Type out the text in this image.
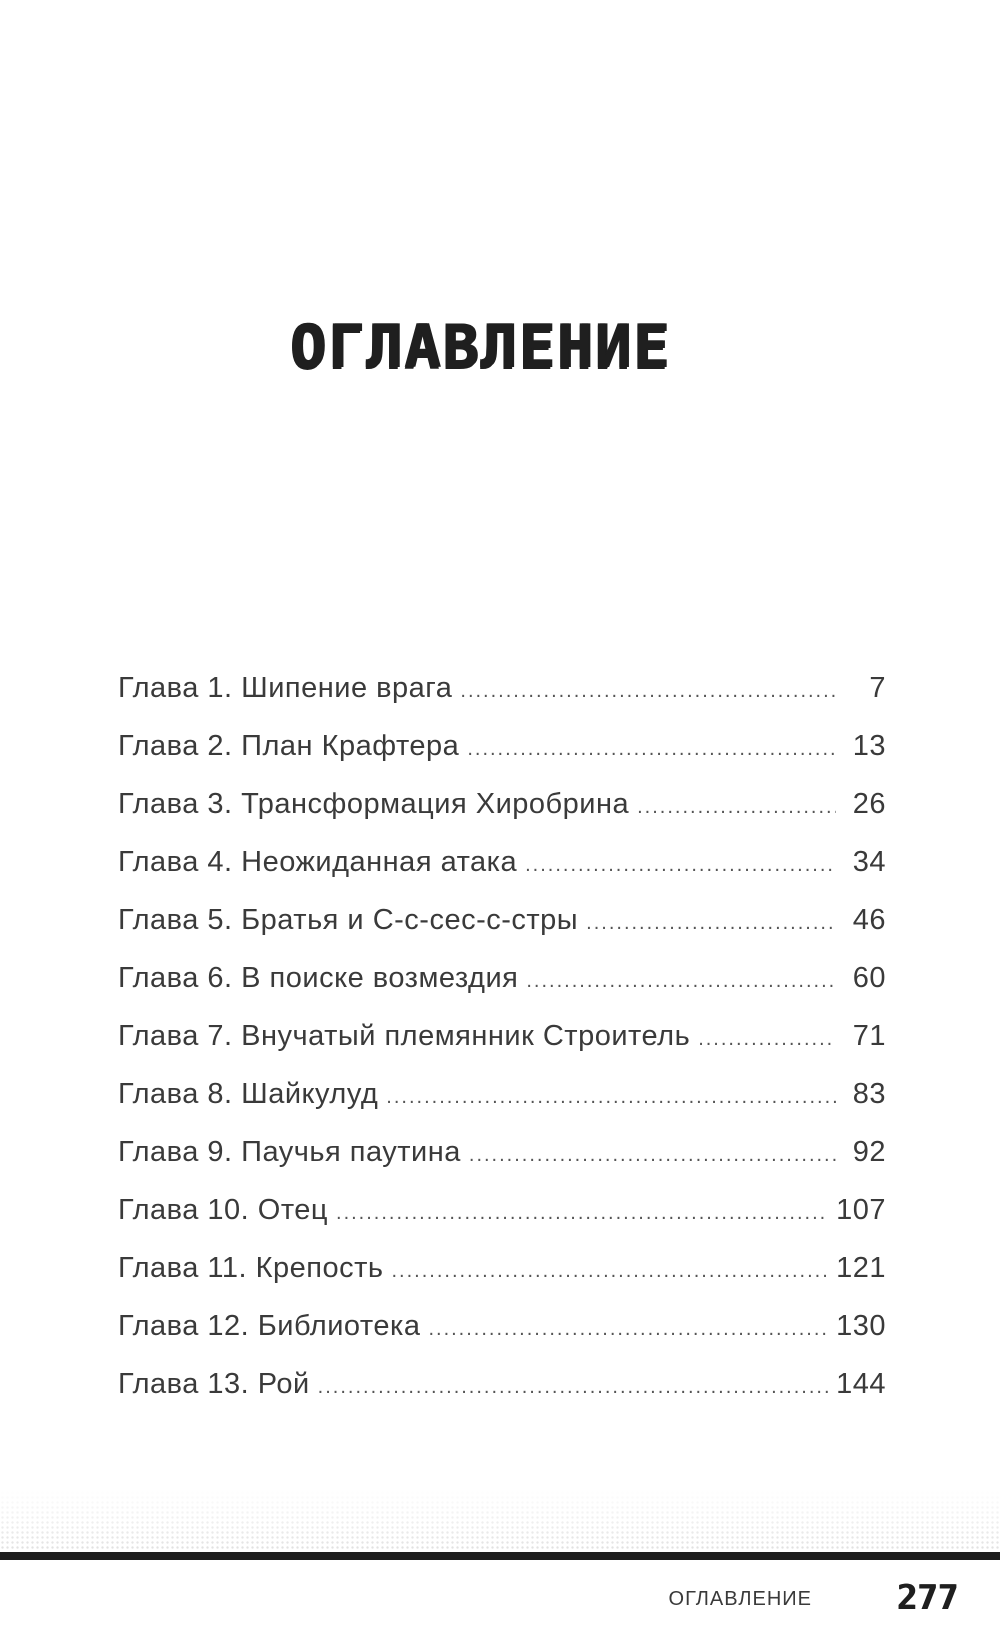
ОГЛАВЛЕНИЕ
Глава 1. Шипение врага .....	7
Глава 2. План Крафтера .....	13
Глава 3. Трансформация Хиробрина .....	26
Глава 4. Неожиданная атака .....	34
Глава 5. Братья и С-с-сес-с-стры .....	46
Глава 6. В поиске возмездия .....	60
Глава 7. Внучатый племянник Строитель .....	71
Глава 8. Шайкулуд .....	83
Глава 9. Паучья паутина .....	92
Глава 10. Отец .....	107
Глава 11. Крепость .....	121
Глава 12. Библиотека .....	130
Глава 13. Рой .....	144
ОГЛАВЛЕНИЕ 277
